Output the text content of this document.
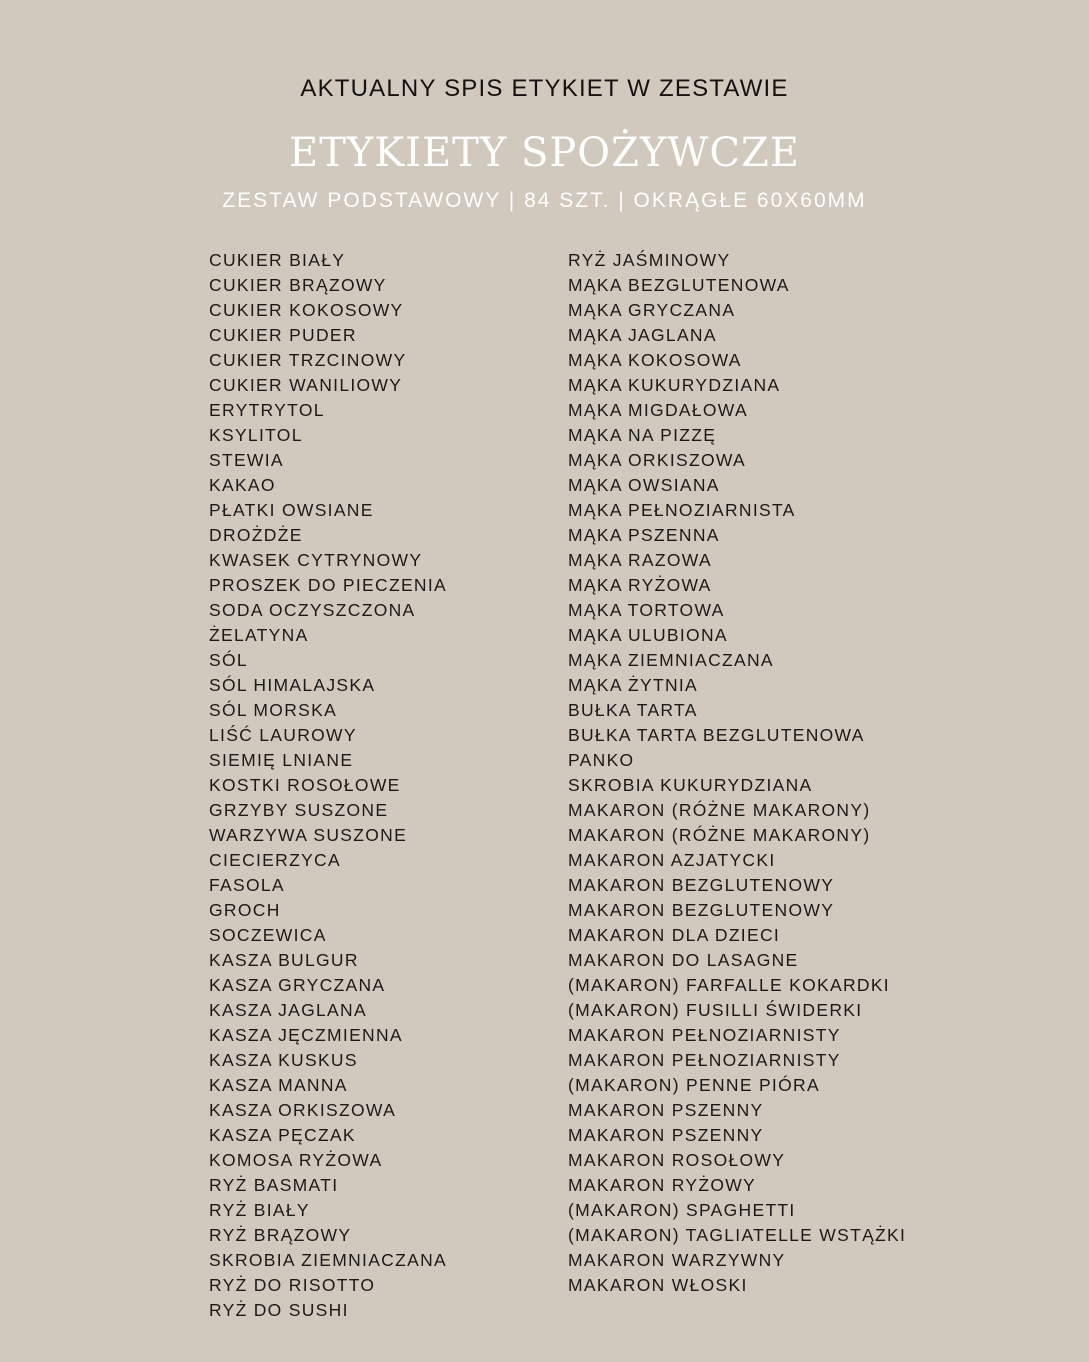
AKTUALNY SPIS ETYKIET W ZESTAWIE
ETYKIETY SPOŻYWCZE
ZESTAW PODSTAWOWY | 84 SZT. | OKRĄGŁE 60X60MM
CUKIER BIAŁY
CUKIER BRĄZOWY
CUKIER KOKOSOWY
CUKIER PUDER
CUKIER TRZCINOWY
CUKIER WANILIOWY
ERYTRYTOL
KSYLITOL
STEWIA
KAKAO
PŁATKI OWSIANE
DROŻDŻE
KWASEK CYTRYNOWY
PROSZEK DO PIECZENIA
SODA OCZYSZCZONA
ŻELATYNA
SÓL
SÓL HIMALAJSKA
SÓL MORSKA
LIŚĆ LAUROWY
SIEMIĘ LNIANE
KOSTKI ROSOŁOWE
GRZYBY SUSZONE
WARZYWA SUSZONE
CIECIERZYCA
FASOLA
GROCH
SOCZEWICA
KASZA BULGUR
KASZA GRYCZANA
KASZA JAGLANA
KASZA JĘCZMIENNA
KASZA KUSKUS
KASZA MANNA
KASZA ORKISZOWA
KASZA PĘCZAK
KOMOSA RYŻOWA
RYŻ BASMATI
RYŻ BIAŁY
RYŻ BRĄZOWY
SKROBIA ZIEMNIACZANA
RYŻ DO RISOTTO
RYŻ DO SUSHI
RYŻ JAŚMINOWY
MĄKA BEZGLUTENOWA
MĄKA GRYCZANA
MĄKA JAGLANA
MĄKA KOKOSOWA
MĄKA KUKURYDZIANA
MĄKA MIGDAŁOWA
MĄKA NA PIZZĘ
MĄKA ORKISZOWA
MĄKA OWSIANA
MĄKA PEŁNOZIARNISTA
MĄKA PSZENNA
MĄKA RAZOWA
MĄKA RYŻOWA
MĄKA TORTOWA
MĄKA ULUBIONA
MĄKA ZIEMNIACZANA
MĄKA ŻYTNIA
BUŁKA TARTA
BUŁKA TARTA BEZGLUTENOWA
PANKO
SKROBIA KUKURYDZIANA
MAKARON (RÓŻNE MAKARONY)
MAKARON (RÓŻNE MAKARONY)
MAKARON AZJATYCKI
MAKARON BEZGLUTENOWY
MAKARON BEZGLUTENOWY
MAKARON DLA DZIECI
MAKARON DO LASAGNE
(MAKARON) FARFALLE KOKARDKI
(MAKARON) FUSILLI ŚWIDERKI
MAKARON PEŁNOZIARNISTY
MAKARON PEŁNOZIARNISTY
(MAKARON) PENNE PIÓRA
MAKARON PSZENNY
MAKARON PSZENNY
MAKARON ROSOŁOWY
MAKARON RYŻOWY
(MAKARON) SPAGHETTI
(MAKARON) TAGLIATELLE WSTĄŻKI
MAKARON WARZYWNY
MAKARON WŁOSKI
